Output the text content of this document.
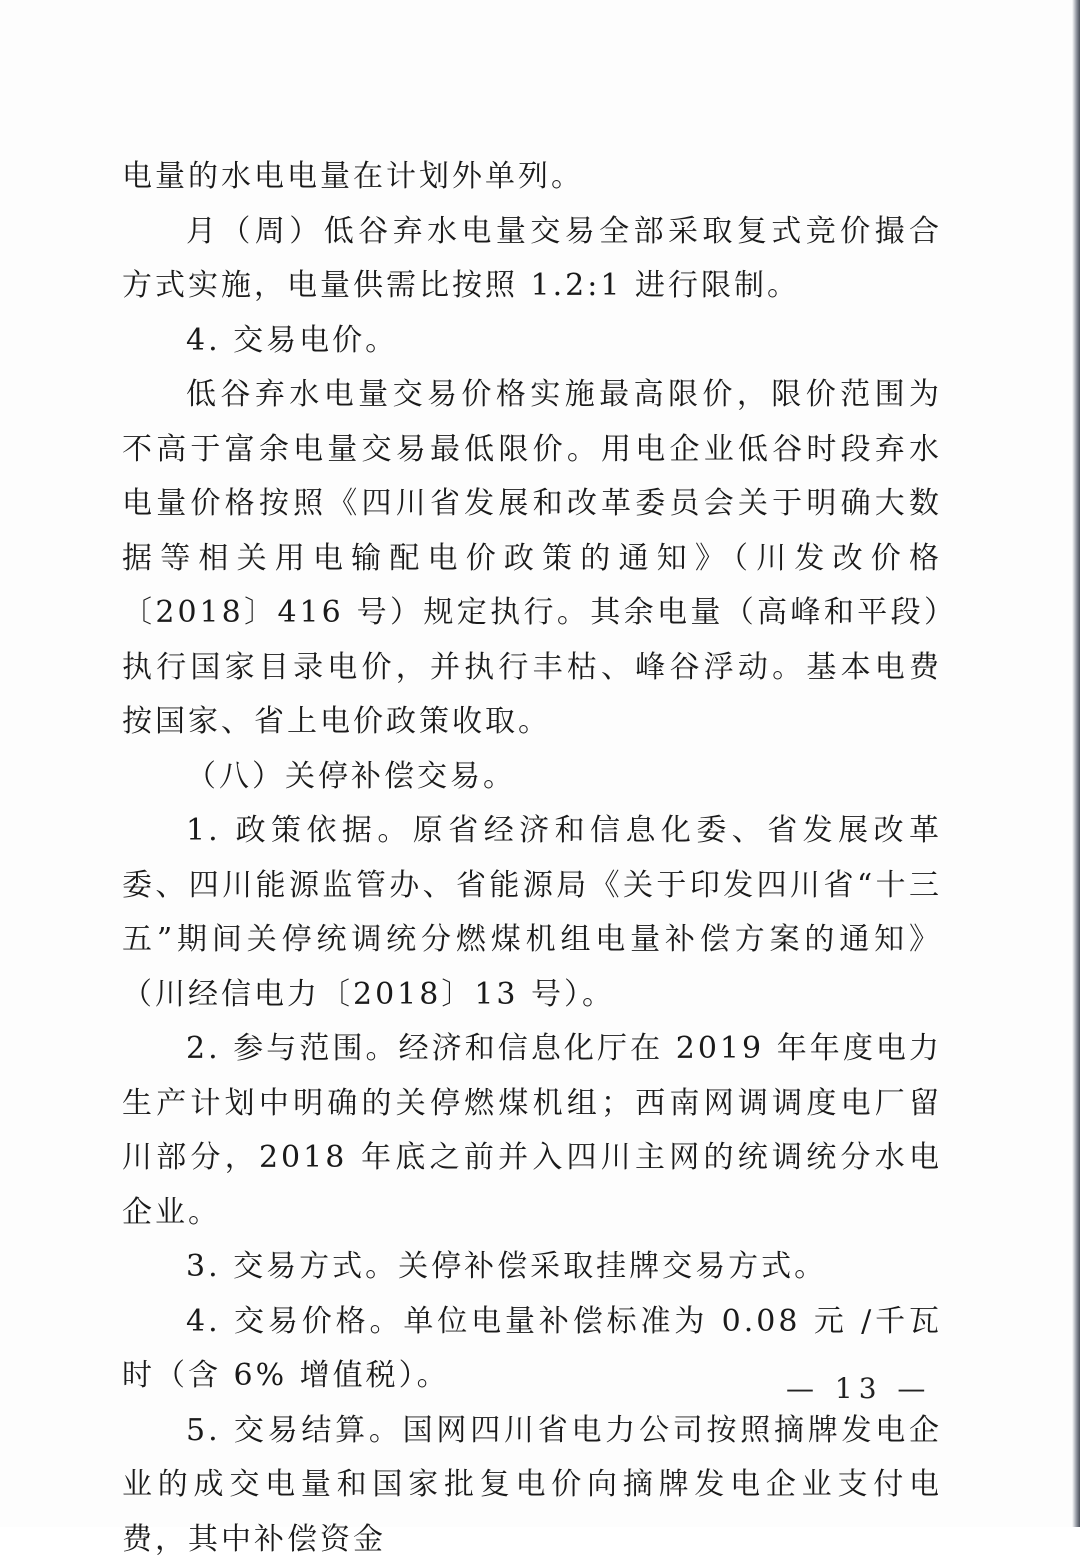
电量的水电电量在计划外单列。

月（周）低谷弃水电量交易全部采取复式竞价撮合方式实施，电量供需比按照 1.2:1 进行限制。

4. 交易电价。

低谷弃水电量交易价格实施最高限价，限价范围为不高于富余电量交易最低限价。用电企业低谷时段弃水电量价格按照《四川省发展和改革委员会关于明确大数据等相关用电输配电价政策的通知》（川发改价格〔2018〕416 号）规定执行。其余电量（高峰和平段）执行国家目录电价，并执行丰枯、峰谷浮动。基本电费按国家、省上电价政策收取。

（八）关停补偿交易。

1. 政策依据。原省经济和信息化委、省发展改革委、四川能源监管办、省能源局《关于印发四川省“十三五”期间关停统调统分燃煤机组电量补偿方案的通知》（川经信电力〔2018〕13 号）。

2. 参与范围。经济和信息化厅在 2019 年年度电力生产计划中明确的关停燃煤机组；西南网调调度电厂留川部分，2018 年底之前并入四川主网的统调统分水电企业。

3. 交易方式。关停补偿采取挂牌交易方式。

4. 交易价格。单位电量补偿标准为 0.08 元 /千瓦时（含 6% 增值税）。

5. 交易结算。国网四川省电力公司按照摘牌发电企业的成交电量和国家批复电价向摘牌发电企业支付电费，其中补偿资金

— 13 —
